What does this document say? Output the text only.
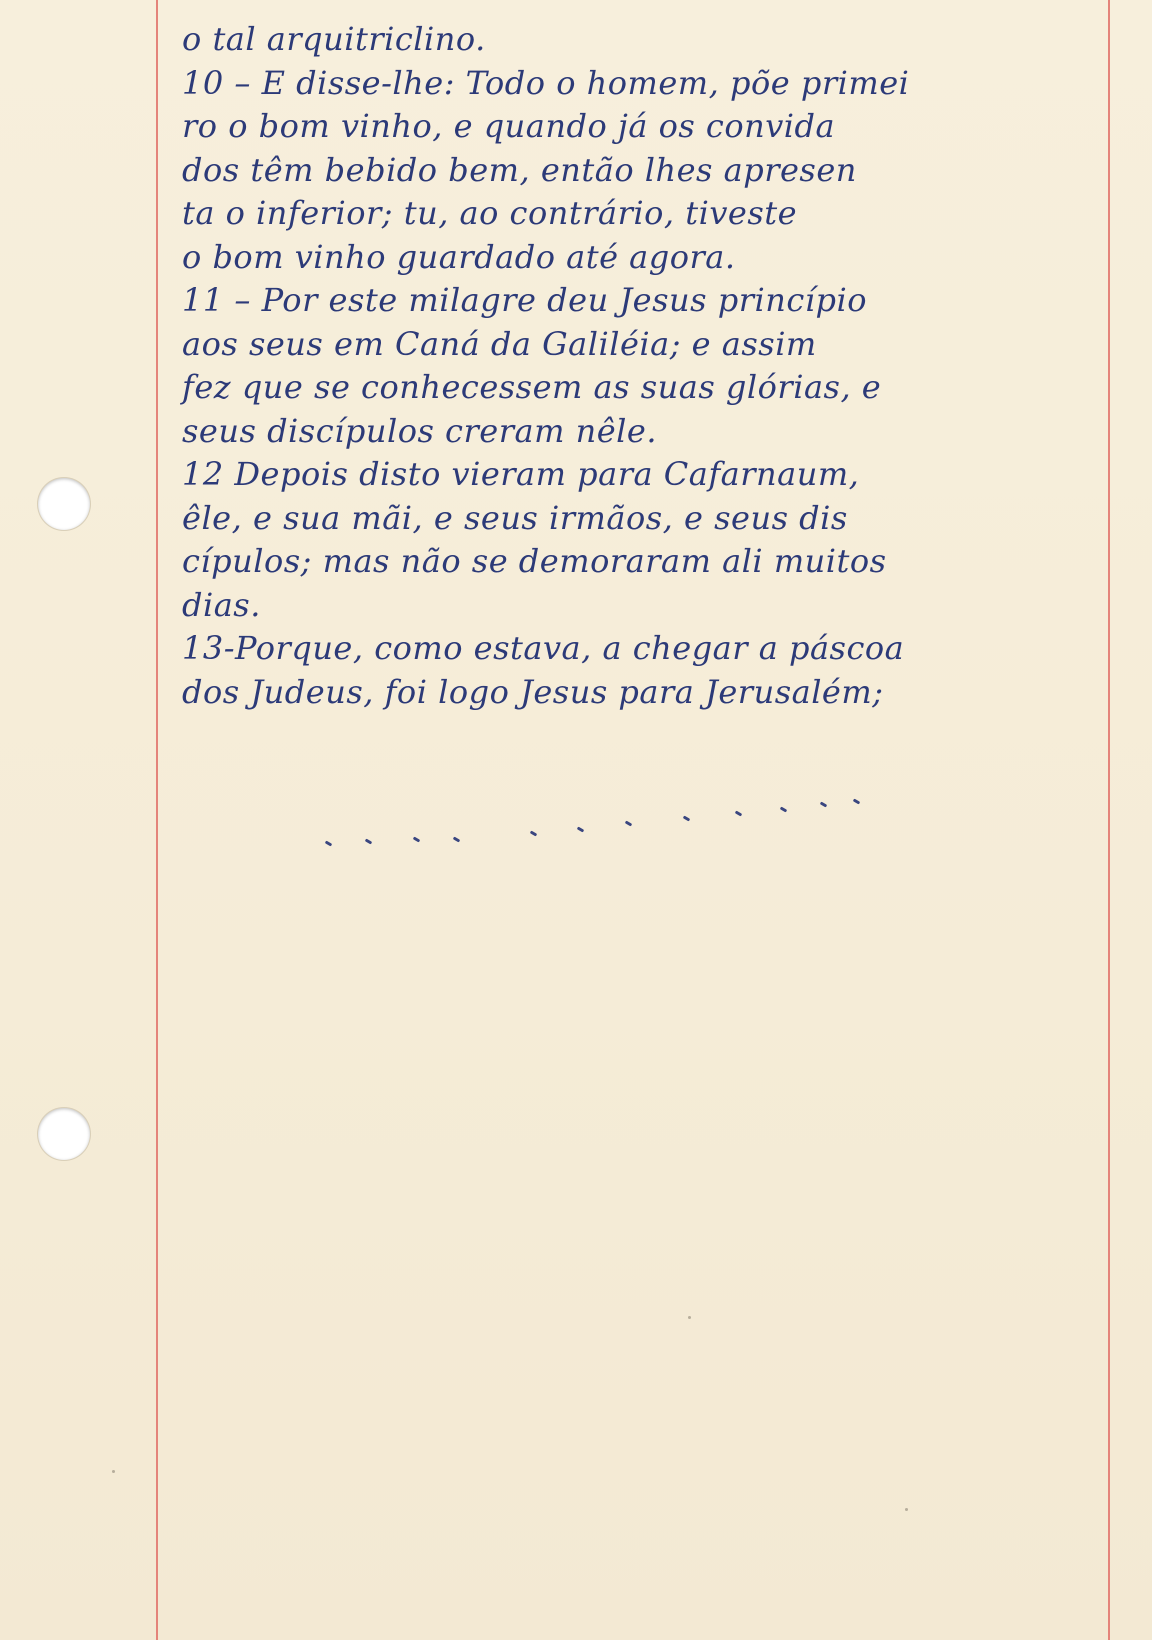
o tal arquitriclino.
10 – E disse-lhe: Todo o homem, põe primei
ro o bom vinho, e quando já os convida
dos têm bebido bem, então lhes apresen
ta o inferior; tu, ao contrário, tiveste
o bom vinho guardado até agora.
11 – Por este milagre deu Jesus princípio
aos seus em Caná da Galiléia; e assim
fez que se conhecessem as suas glórias, e
seus discípulos creram nêle.
12 Depois disto vieram para Cafarnaum,
êle, e sua mãi, e seus irmãos, e seus dis
cípulos; mas não se demoraram ali muitos
dias.
13-Porque, como estava, a chegar a páscoa
dos Judeus, foi logo Jesus para Jerusalém;
